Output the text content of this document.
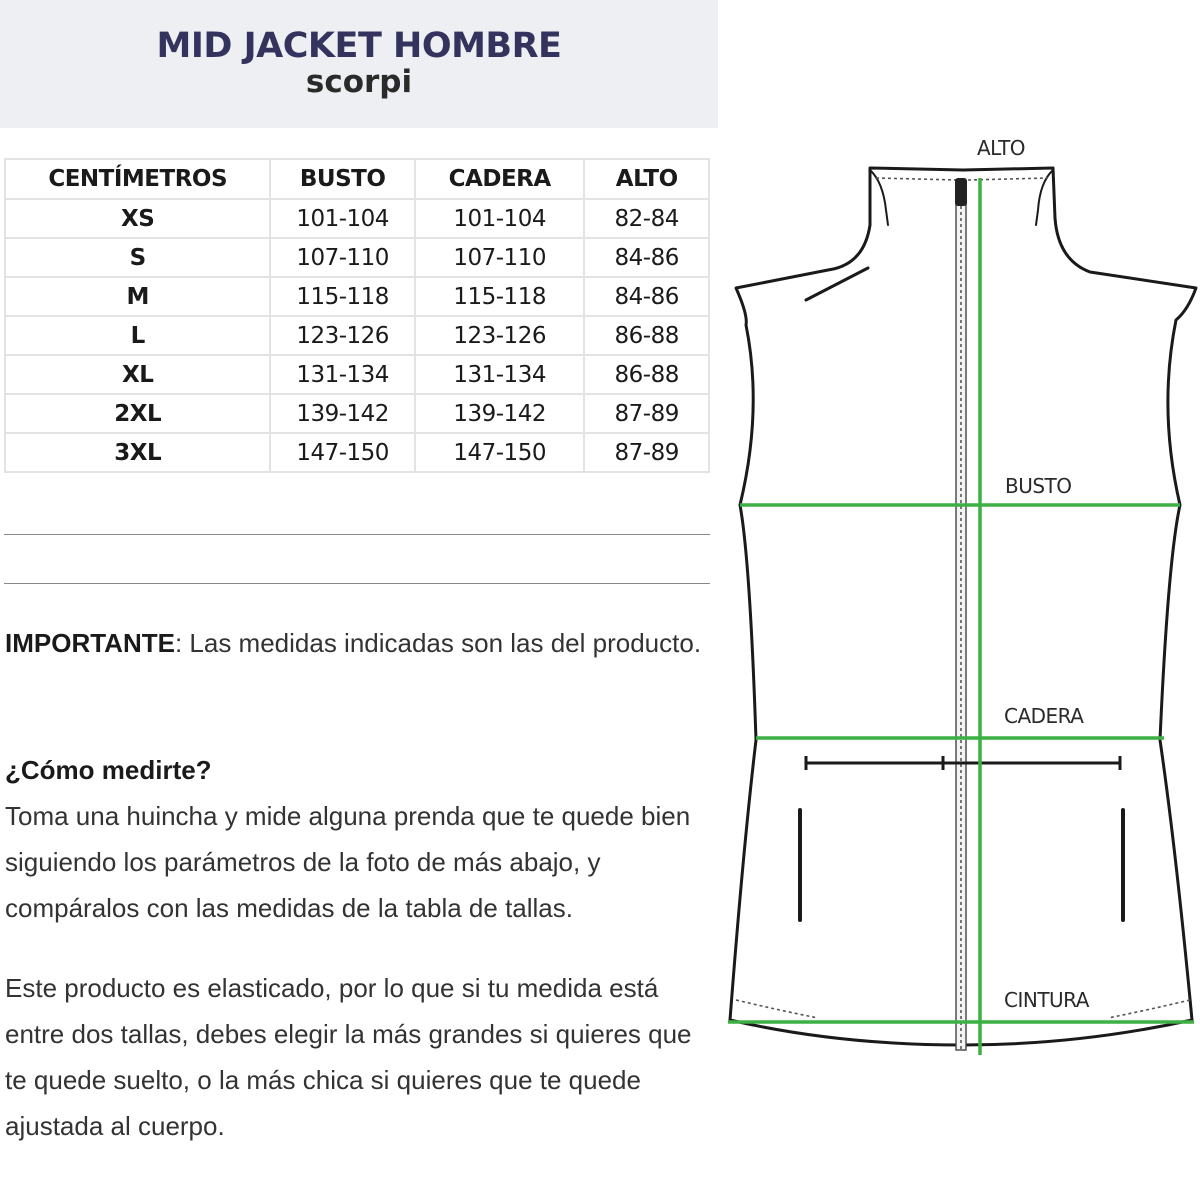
MID JACKET HOMBRE
scorpi
CENTÍMETROS	BUSTO	CADERA	ALTO
XS	101-104	101-104	82-84
S	107-110	107-110	84-86
M	115-118	115-118	84-86
L	123-126	123-126	86-88
XL	131-134	131-134	86-88
2XL	139-142	139-142	87-89
3XL	147-150	147-150	87-89
IMPORTANTE: Las medidas indicadas son las del producto.
¿Cómo medirte?
Toma una huincha y mide alguna prenda que te quede bien siguiendo los parámetros de la foto de más abajo, y compáralos con las medidas de la tabla de tallas.
Este producto es elasticado, por lo que si tu medida está entre dos tallas, debes elegir la más grandes si quieres que te quede suelto, o la más chica si quieres que te quede ajustada al cuerpo.
ALTO
BUSTO
CADERA
CINTURA
